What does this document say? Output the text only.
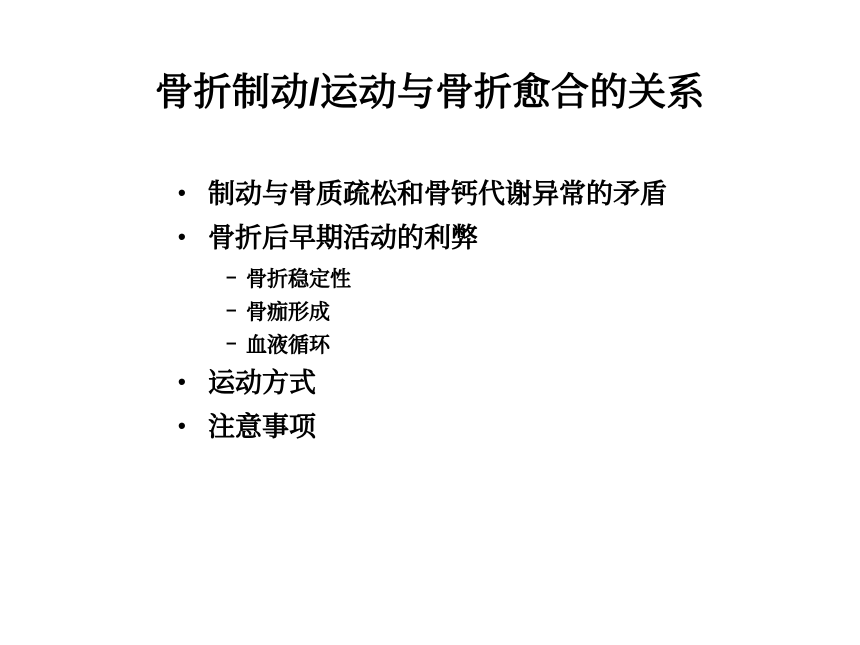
骨折制动/运动与骨折愈合的关系
• 制动与骨质疏松和骨钙代谢异常的矛盾
• 骨折后早期活动的利弊
– 骨折稳定性
– 骨痂形成
– 血液循环
• 运动方式
• 注意事项
